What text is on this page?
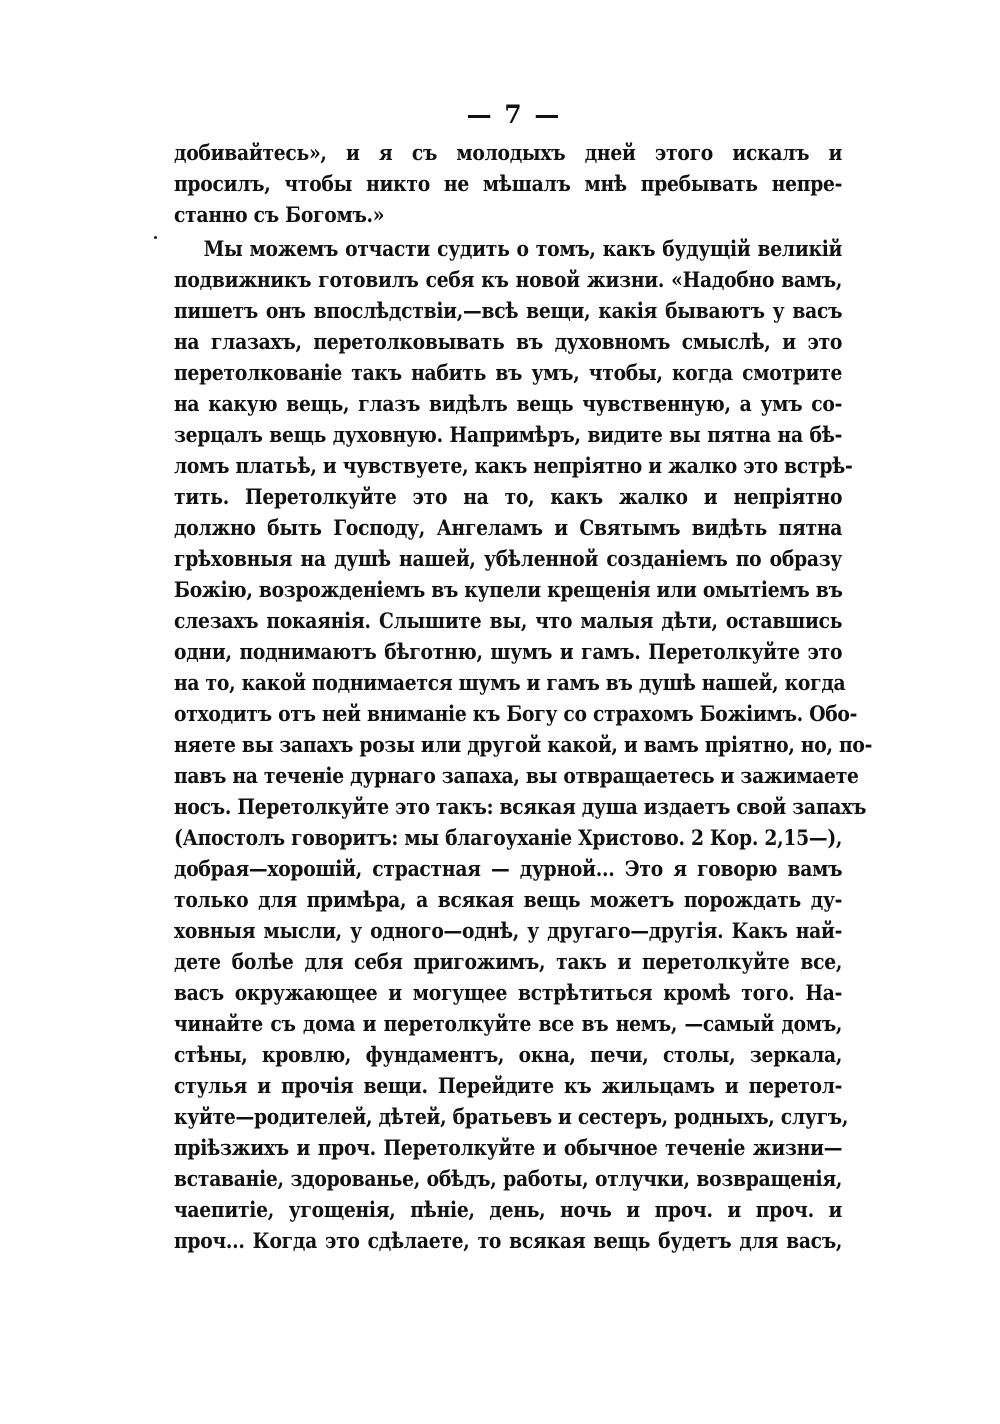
— 7 —
добивайтесь», и я съ молодыхъ дней этого искалъ и
просилъ, чтобы никто не мѣшалъ мнѣ пребывать непре-
станно съ Богомъ.»
Мы можемъ отчасти судить о томъ, какъ будущій великій
подвижникъ готовилъ себя къ новой жизни. «Надобно вамъ,
пишетъ онъ впослѣдствіи,—всѣ вещи, какія бываютъ у васъ
на глазахъ, перетолковывать въ духовномъ смыслѣ, и это
перетолкованіе такъ набить въ умъ, чтобы, когда смотрите
на какую вещь, глазъ видѣлъ вещь чувственную, а умъ со-
зерцалъ вещь духовную. Напримѣръ, видите вы пятна на бѣ-
ломъ платьѣ, и чувствуете, какъ непріятно и жалко это встрѣ-
тить. Перетолкуйте это на то, какъ жалко и непріятно
должно быть Господу, Ангеламъ и Святымъ видѣть пятна
грѣховныя на душѣ нашей, убѣленной созданіемъ по образу
Божію, возрожденіемъ въ купели крещенія или омытіемъ въ
слезахъ покаянія. Слышите вы, что малыя дѣти, оставшись
одни, поднимаютъ бѣготню, шумъ и гамъ. Перетолкуйте это
на то, какой поднимается шумъ и гамъ въ душѣ нашей, когда
отходитъ отъ ней вниманіе къ Богу со страхомъ Божіимъ. Обо-
няете вы запахъ розы или другой какой, и вамъ пріятно, но, по-
павъ на теченіе дурнаго запаха, вы отвращаетесь и зажимаете
носъ. Перетолкуйте это такъ: всякая душа издаетъ свой запахъ
(Апостолъ говоритъ: мы благоуханіе Христово. 2 Кор. 2,15—),
добрая—хорошій, страстная — дурной... Это я говорю вамъ
только для примѣра, а всякая вещь можетъ порождать ду-
ховныя мысли, у одного—однѣ, у другаго—другія. Какъ най-
дете болѣе для себя пригожимъ, такъ и перетолкуйте все,
васъ окружающее и могущее встрѣтиться кромѣ того. На-
чинайте съ дома и перетолкуйте все въ немъ, —самый домъ,
стѣны, кровлю, фундаментъ, окна, печи, столы, зеркала,
стулья и прочія вещи. Перейдите къ жильцамъ и перетол-
куйте—родителей, дѣтей, братьевъ и сестеръ, родныхъ, слугъ,
пріѣзжихъ и проч. Перетолкуйте и обычное теченіе жизни—
вставаніе, здорованье, обѣдъ, работы, отлучки, возвращенія,
чаепитіе, угощенія, пѣніе, день, ночь и проч. и проч. и
проч... Когда это сдѣлаете, то всякая вещь будетъ для васъ,
